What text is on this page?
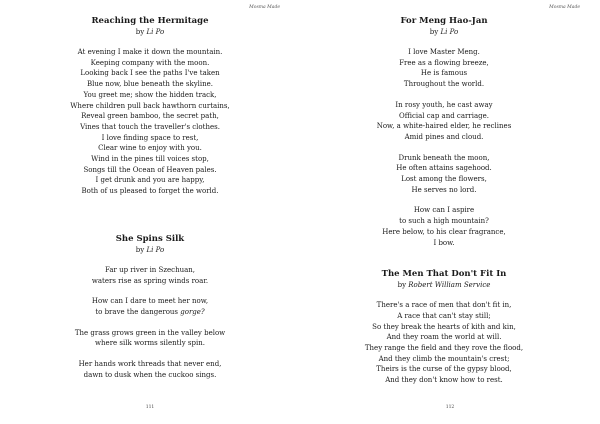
Mosma Made
Reaching the Hermitage
by Li Po
At evening I make it down the mountain.
Keeping company with the moon.
Looking back I see the paths I've taken
Blue now, blue beneath the skyline.
You greet me; show the hidden track,
Where children pull back hawthorn curtains,
Reveal green bamboo, the secret path,
Vines that touch the traveller's clothes.
I love finding space to rest,
Clear wine to enjoy with you.
Wind in the pines till voices stop,
Songs till the Ocean of Heaven pales.
I get drunk and you are happy,
Both of us pleased to forget the world.
She Spins Silk
by Li Po
Far up river in Szechuan,
waters rise as spring winds roar.
How can I dare to meet her now,
to brave the dangerous gorge?
The grass grows green in the valley below
where silk worms silently spin.
Her hands work threads that never end,
dawn to dusk when the cuckoo sings.
111
Mosma Made
For Meng Hao-Jan
by Li Po
I love Master Meng.
Free as a flowing breeze,
He is famous
Throughout the world.
In rosy youth, he cast away
Official cap and carriage.
Now, a white-haired elder, he reclines
Amid pines and cloud.
Drunk beneath the moon,
He often attains sagehood.
Lost among the flowers,
He serves no lord.
How can I aspire
to such a high mountain?
Here below, to his clear fragrance,
I bow.
The Men That Don't Fit In
by Robert William Service
There's a race of men that don't fit in,
A race that can't stay still;
So they break the hearts of kith and kin,
And they roam the world at will.
They range the field and they rove the flood,
And they climb the mountain's crest;
Theirs is the curse of the gypsy blood,
And they don't know how to rest.
112
